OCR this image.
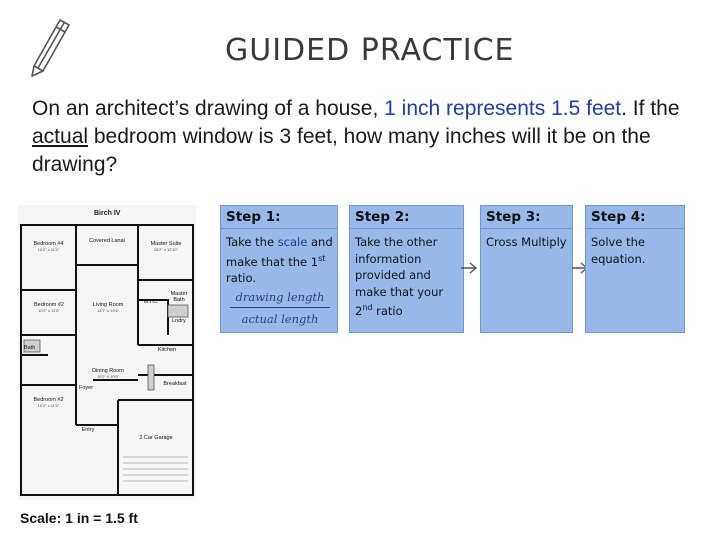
GUIDED PRACTICE
On an architect’s drawing of a house, 1 inch represents 1.5 feet. If the actual bedroom window is 3 feet, how many inches will it be on the drawing?
Birch IV
Bedroom #4
10'2" x 11'0"
Covered Lanai	Master Suite
15'2" x 12'10"
Bedroom #2
10'2" x 11'0"
Living Room
14'7" x 19'4"
Master Bath
Bath	Kitchen
Dining Room
10'2" x 10'0"
Breakfast
Foyer
Bedroom #2
10'2" x 11'0"
Entry
2 Car Garage
W.I.C.
Lndry
Scale: 1 in = 1.5 ft
Step 1:
Take the scale and make that the 1st ratio.
drawing length
actual length
Step 2:
Take the other information provided and make that your 2nd ratio
Step 3:
Cross Multiply
Step 4:
Solve the equation.
